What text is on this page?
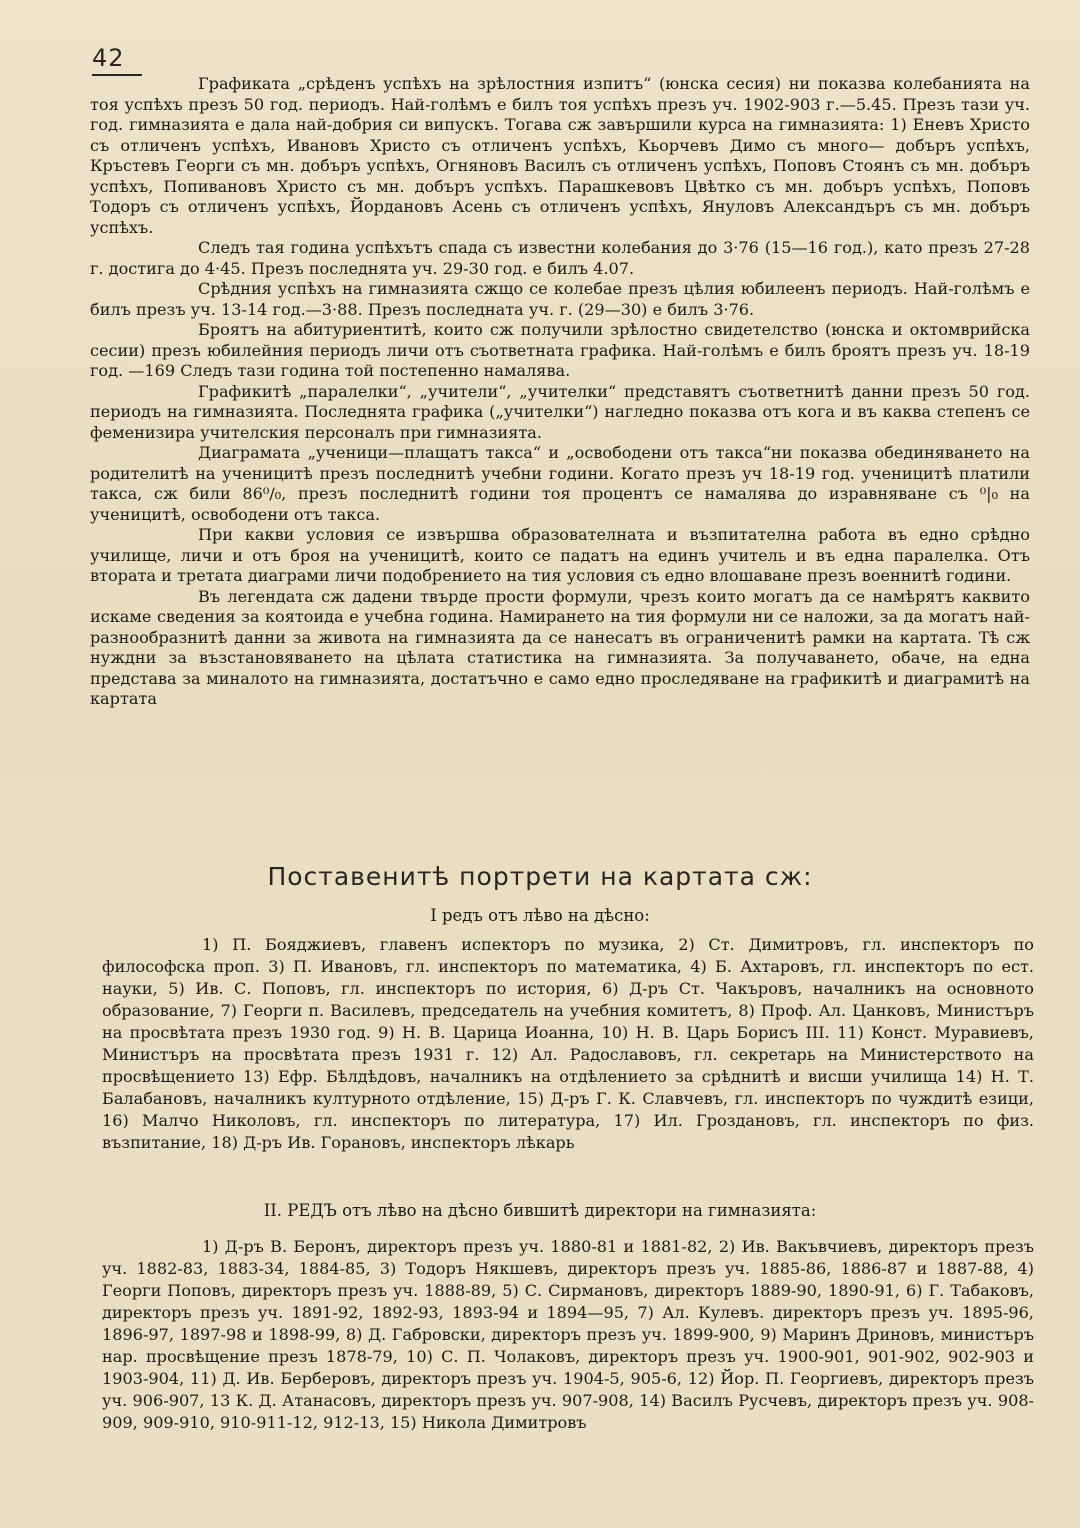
42

Графиката „срѣденъ успѣхъ на зрѣлостния изпитъ“ (юнска сесия) ни показва колебанията на тоя успѣхъ презъ 50 год. периодъ. Най-голѣмъ е билъ тоя успѣхъ презъ уч. 1902-903 г.—5.45. Презъ тази уч. год. гимназията е дала най-добрия си випускъ. Тогава сж завършили курса на гимназията: 1) Еневъ Христо съ отличенъ успѣхъ, Ивановъ Христо съ отличенъ успѣхъ, Кьорчевъ Димо съ много— добъръ успѣхъ, Кръстевъ Георги съ мн. добъръ успѣхъ, Огняновъ Василъ съ отличенъ успѣхъ, Поповъ Стоянъ съ мн. добъръ успѣхъ, Попивановъ Христо съ мн. добъръ успѣхъ. Парашкевовъ Цвѣтко съ мн. добъръ успѣхъ, Поповъ Тодоръ съ отличенъ успѣхъ, Йордановъ Асень съ отличенъ успѣхъ, Януловъ Александъръ съ мн. добъръ успѣхъ.

Следъ тая година успѣхътъ спада съ известни колебания до 3·76 (15—16 год.), като презъ 27-28 г. достига до 4·45. Презъ последнята уч. 29-30 год. е билъ 4.07.

Срѣдния успѣхъ на гимназията сжщо се колебае презъ цѣлия юбилеенъ периодъ. Най-голѣмъ е билъ презъ уч. 13-14 год.—3·88. Презъ последната уч. г. (29—30) е билъ 3·76.

Броятъ на абитуриентитѣ, които сж получили зрѣлостно свидетелство (юнска и октомврийска сесии) презъ юбилейния периодъ личи отъ съответната графика. Най-голѣмъ е билъ броятъ презъ уч. 18-19 год. —169 Следъ тази година той постепенно намалява.

Графикитѣ „паралелки“, „учители“, „учителки“ представятъ съответнитѣ данни презъ 50 год. периодъ на гимназията. Последнята графика („учителки“) нагледно показва отъ кога и въ каква степенъ се феменизира учителския персоналъ при гимназията.

Диаграмата „ученици—плащатъ такса“ и „освободени отъ такса“ни показва обединяването на родителитѣ на ученицитѣ презъ последнитѣ учебни години. Когато презъ уч 18-19 год. ученицитѣ платили такса, сж били 86⁰/₀, презъ последнитѣ години тоя процентъ се намалява до изравняване съ ⁰|₀ на ученицитѣ, освободени отъ такса.

При какви условия се извършва образователната и възпитателна работа въ едно срѣдно училище, личи и отъ броя на ученицитѣ, които се падатъ на единъ учитель и въ една паралелка. Отъ втората и третата диаграми личи подобрението на тия условия съ едно влошаване презъ военнитѣ години.

Въ легендата сж дадени твърде прости формули, чрезъ които могатъ да се намѣрятъ каквито искаме сведения за коятоида е учебна година. Намирането на тия формули ни се наложи, за да могатъ най-разнообразнитѣ данни за живота на гимназията да се нанесатъ въ ограниченитѣ рамки на картата. Тѣ сж нуждни за възстановяването на цѣлата статистика на гимназията. За получаването, обаче, на една представа за миналото на гимназията, достатъчно е само едно проследяване на графикитѣ и диаграмитѣ на картата

Поставенитѣ портрети на картата сж:
I редъ отъ лѣво на дѣсно:

1) П. Бояджиевъ, главенъ испекторъ по музика, 2) Ст. Димитровъ, гл. инспекторъ по философска проп. 3) П. Ивановъ, гл. инспекторъ по математика, 4) Б. Ахтаровъ, гл. инспекторъ по ест. науки, 5) Ив. С. Поповъ, гл. инспекторъ по история, 6) Д-ръ Ст. Чакъровъ, началникъ на основното образование, 7) Георги п. Василевъ, председатель на учебния комитетъ, 8) Проф. Ал. Цанковъ, Министъръ на просвѣтата презъ 1930 год. 9) Н. В. Царица Иоанна, 10) Н. В. Царь Борисъ III. 11) Конст. Муравиевъ, Министъръ на просвѣтата презъ 1931 г. 12) Ал. Радославовъ, гл. секретарь на Министерството на просвѣщението 13) Ефр. Бѣлдѣдовъ, началникъ на отдѣлението за срѣднитѣ и висши училища 14) Н. Т. Балабановъ, началникъ културното отдѣление, 15) Д-ръ Г. К. Славчевъ, гл. инспекторъ по чуждитѣ езици, 16) Малчо Николовъ, гл. инспекторъ по литература, 17) Ил. Гроздановъ, гл. инспекторъ по физ. възпитание, 18) Д-ръ Ив. Горановъ, инспекторъ лѣкарь

II. РЕДЪ отъ лѣво на дѣсно бившитѣ директори на гимназията:

1) Д-ръ В. Беронъ, директоръ презъ уч. 1880-81 и 1881-82, 2) Ив. Вакъвчиевъ, директоръ презъ уч. 1882-83, 1883-34, 1884-85, 3) Тодоръ Някшевъ, директоръ презъ уч. 1885-86, 1886-87 и 1887-88, 4) Георги Поповъ, директоръ презъ уч. 1888-89, 5) С. Сирмановъ, директоръ 1889-90, 1890-91, 6) Г. Табаковъ, директоръ презъ уч. 1891-92, 1892-93, 1893-94 и 1894—95, 7) Ал. Кулевъ. директоръ презъ уч. 1895-96, 1896-97, 1897-98 и 1898-99, 8) Д. Габровски, директоръ презъ уч. 1899-900, 9) Маринъ Дриновъ, министъръ нар. просвѣщение презъ 1878-79, 10) С. П. Чолаковъ, директоръ презъ уч. 1900-901, 901-902, 902-903 и 1903-904, 11) Д. Ив. Берберовъ, директоръ презъ уч. 1904-5, 905-6, 12) Йор. П. Георгиевъ, директоръ презъ уч. 906-907, 13 К. Д. Атанасовъ, директоръ презъ уч. 907-908, 14) Василъ Русчевъ, директоръ презъ уч. 908-909, 909-910, 910-911-12, 912-13, 15) Никола Димитровъ
